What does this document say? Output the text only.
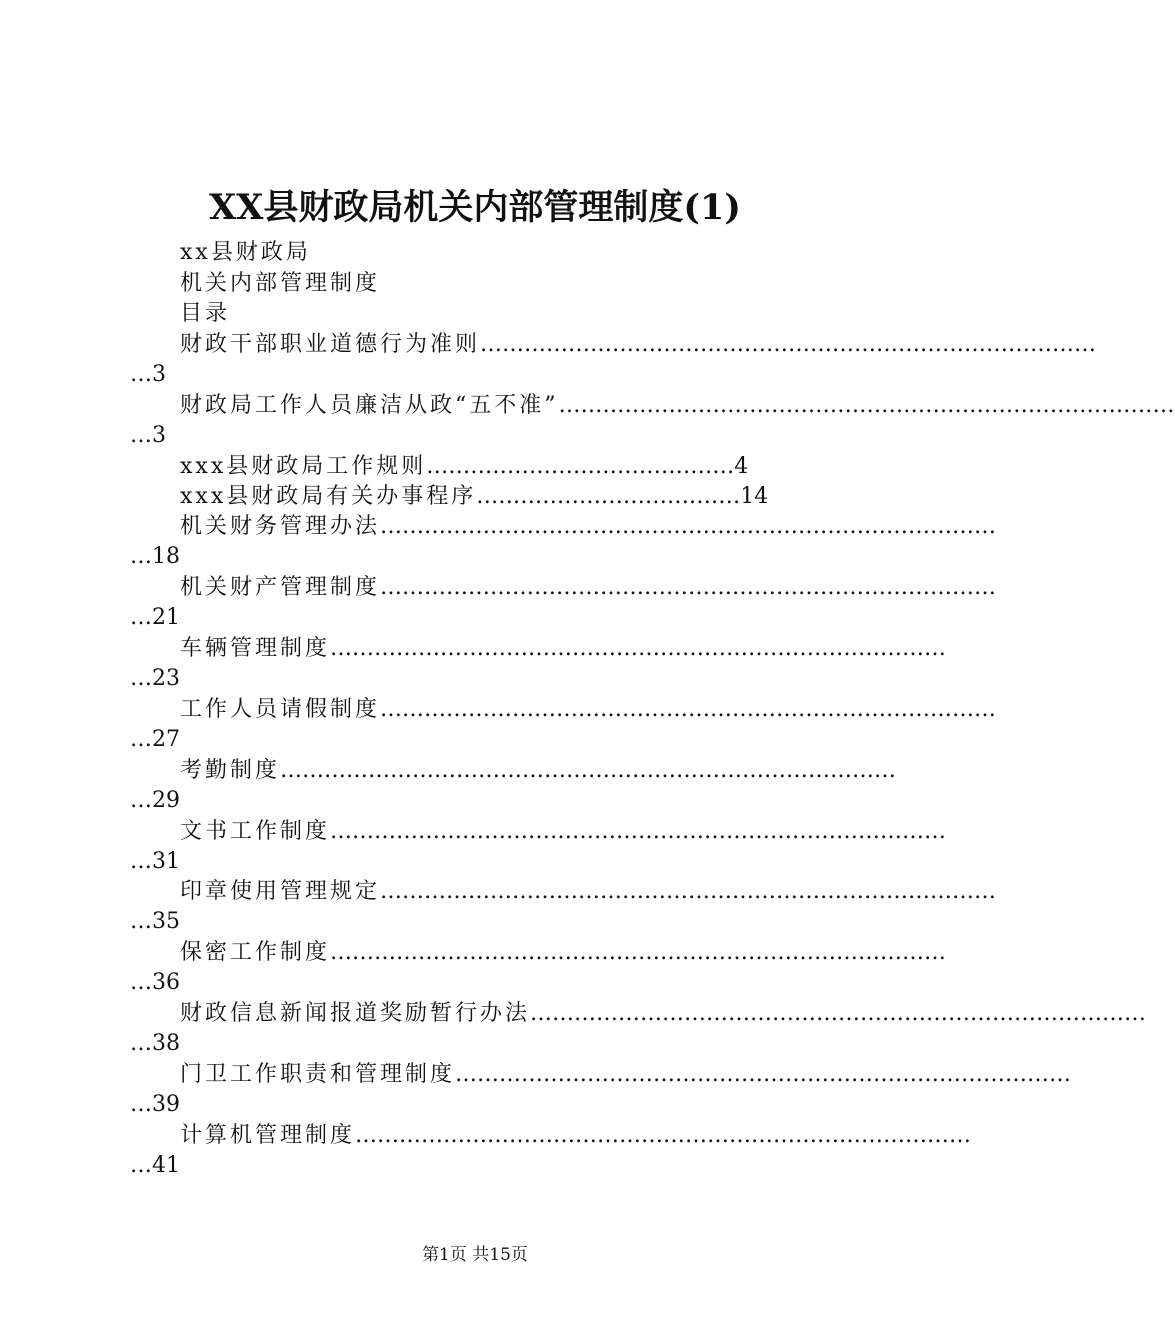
XX县财政局机关内部管理制度(1)
xx县财政局
机关内部管理制度
目录
财政干部职业道德行为准则…………………………………………………………………………
…3
财政局工作人员廉洁从政“五不准”…………………………………………………………………………
…3
xxx县财政局工作规则……………………………………4
xxx县财政局有关办事程序………………………………14
机关财务管理办法…………………………………………………………………………
…18
机关财产管理制度…………………………………………………………………………
…21
车辆管理制度…………………………………………………………………………
…23
工作人员请假制度…………………………………………………………………………
…27
考勤制度…………………………………………………………………………
…29
文书工作制度…………………………………………………………………………
…31
印章使用管理规定…………………………………………………………………………
…35
保密工作制度…………………………………………………………………………
…36
财政信息新闻报道奖励暂行办法…………………………………………………………………………
…38
门卫工作职责和管理制度…………………………………………………………………………
…39
计算机管理制度…………………………………………………………………………
…41
第1页 共15页
